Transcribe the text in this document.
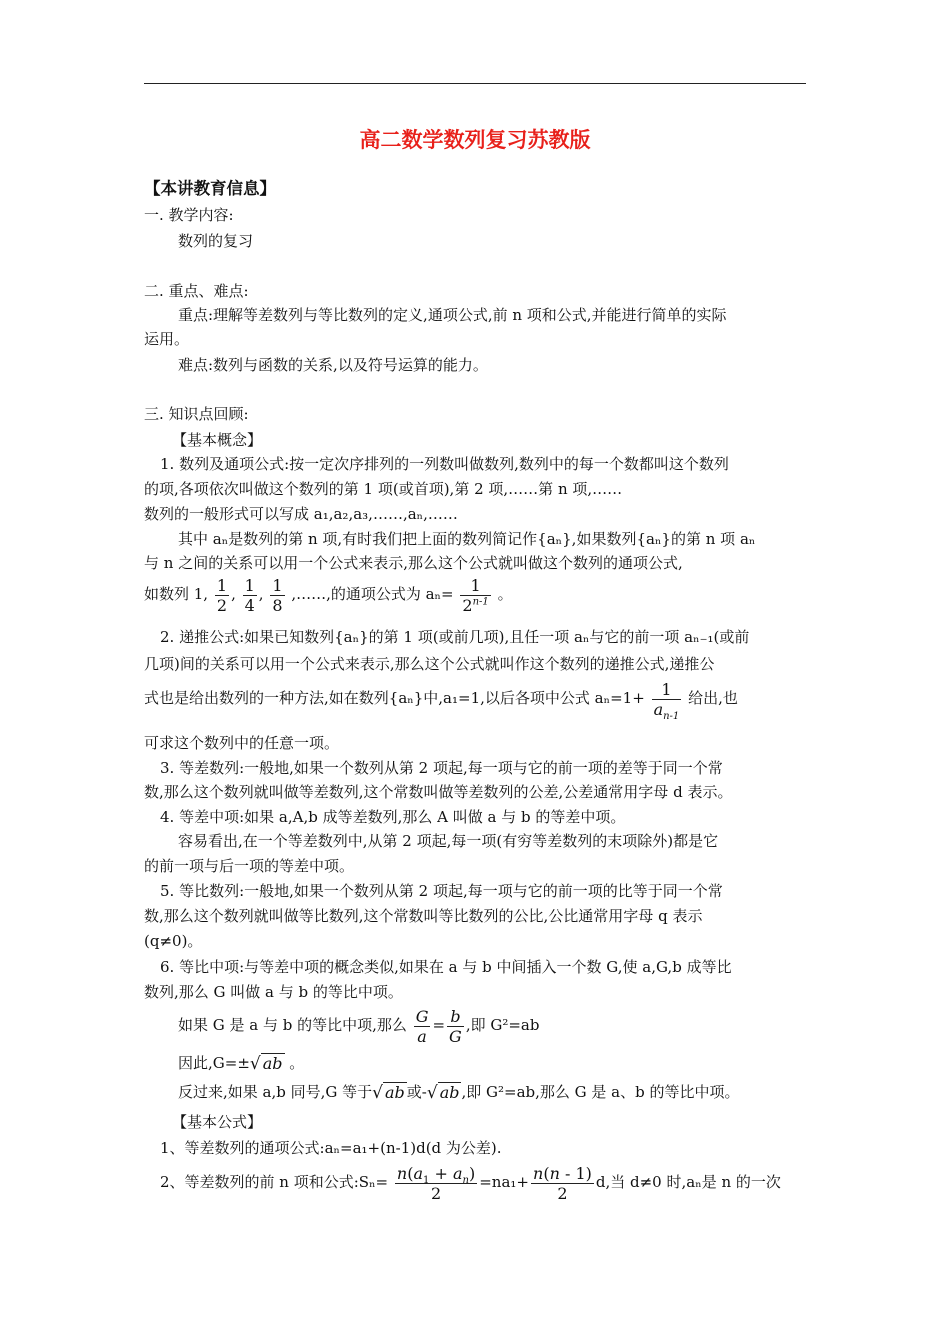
高二数学数列复习苏教版
【本讲教育信息】
一. 教学内容:
数列的复习
二. 重点、难点:
重点:理解等差数列与等比数列的定义,通项公式,前 n 项和公式,并能进行简单的实际
运用。
难点:数列与函数的关系,以及符号运算的能力。
三. 知识点回顾:
【基本概念】
1. 数列及通项公式:按一定次序排列的一列数叫做数列,数列中的每一个数都叫这个数列
的项,各项依次叫做这个数列的第 1 项(或首项),第 2 项,……第 n 项,……
数列的一般形式可以写成 a₁,a₂,a₃,……,aₙ,……
其中 aₙ是数列的第 n 项,有时我们把上面的数列简记作{aₙ},如果数列{aₙ}的第 n 项 aₙ
与 n 之间的关系可以用一个公式来表示,那么这个公式就叫做这个数列的通项公式,
如数列 1, $\frac{1}{2}$ , $\frac{1}{4}$ , $\frac{1}{8}$ ,……,的通项公式为 $a_n= \frac{1}{2^{n-1}}$ 。
2. 递推公式:如果已知数列{aₙ}的第 1 项(或前几项),且任一项 aₙ与它的前一项 aₙ₋₁(或前
几项)间的关系可以用一个公式来表示,那么这个公式就叫作这个数列的递推公式,递推公
式也是给出数列的一种方法,如在数列{aₙ}中,a₁=1,以后各项中公式 $a_n=1+ \frac{1}{a_{n-1}}$ 给出,也
可求这个数列中的任意一项。
3. 等差数列:一般地,如果一个数列从第 2 项起,每一项与它的前一项的差等于同一个常
数,那么这个数列就叫做等差数列,这个常数叫做等差数列的公差,公差通常用字母 d 表示。
4. 等差中项:如果 a,A,b 成等差数列,那么 A 叫做 a 与 b 的等差中项。
容易看出,在一个等差数列中,从第 2 项起,每一项(有穷等差数列的末项除外)都是它
的前一项与后一项的等差中项。
5. 等比数列:一般地,如果一个数列从第 2 项起,每一项与它的前一项的比等于同一个常
数,那么这个数列就叫做等比数列,这个常数叫等比数列的公比,公比通常用字母 q 表示
(q≠0)。
6. 等比中项:与等差中项的概念类似,如果在 a 与 b 中间插入一个数 G,使 a,G,b 成等比
数列,那么 G 叫做 a 与 b 的等比中项。
如果 G 是 a 与 b 的等比中项,那么 $\frac{G}{a} = \frac{b}{G}$ ,即 G²=ab
因此,G=±√ ab 。
反过来,如果 a,b 同号,G 等于√ ab 或-√ ab ,即 G²=ab,那么 G 是 a、b 的等比中项。
【基本公式】
1、等差数列的通项公式:aₙ=a₁+(n-1)d(d 为公差).
2、等差数列的前 n 项和公式:Sₙ= $\frac{n(a_1 + a_n)}{2} =na_1+ \frac{n(n - 1)}{2} d$,当 d≠0 时,aₙ是 n 的一次
